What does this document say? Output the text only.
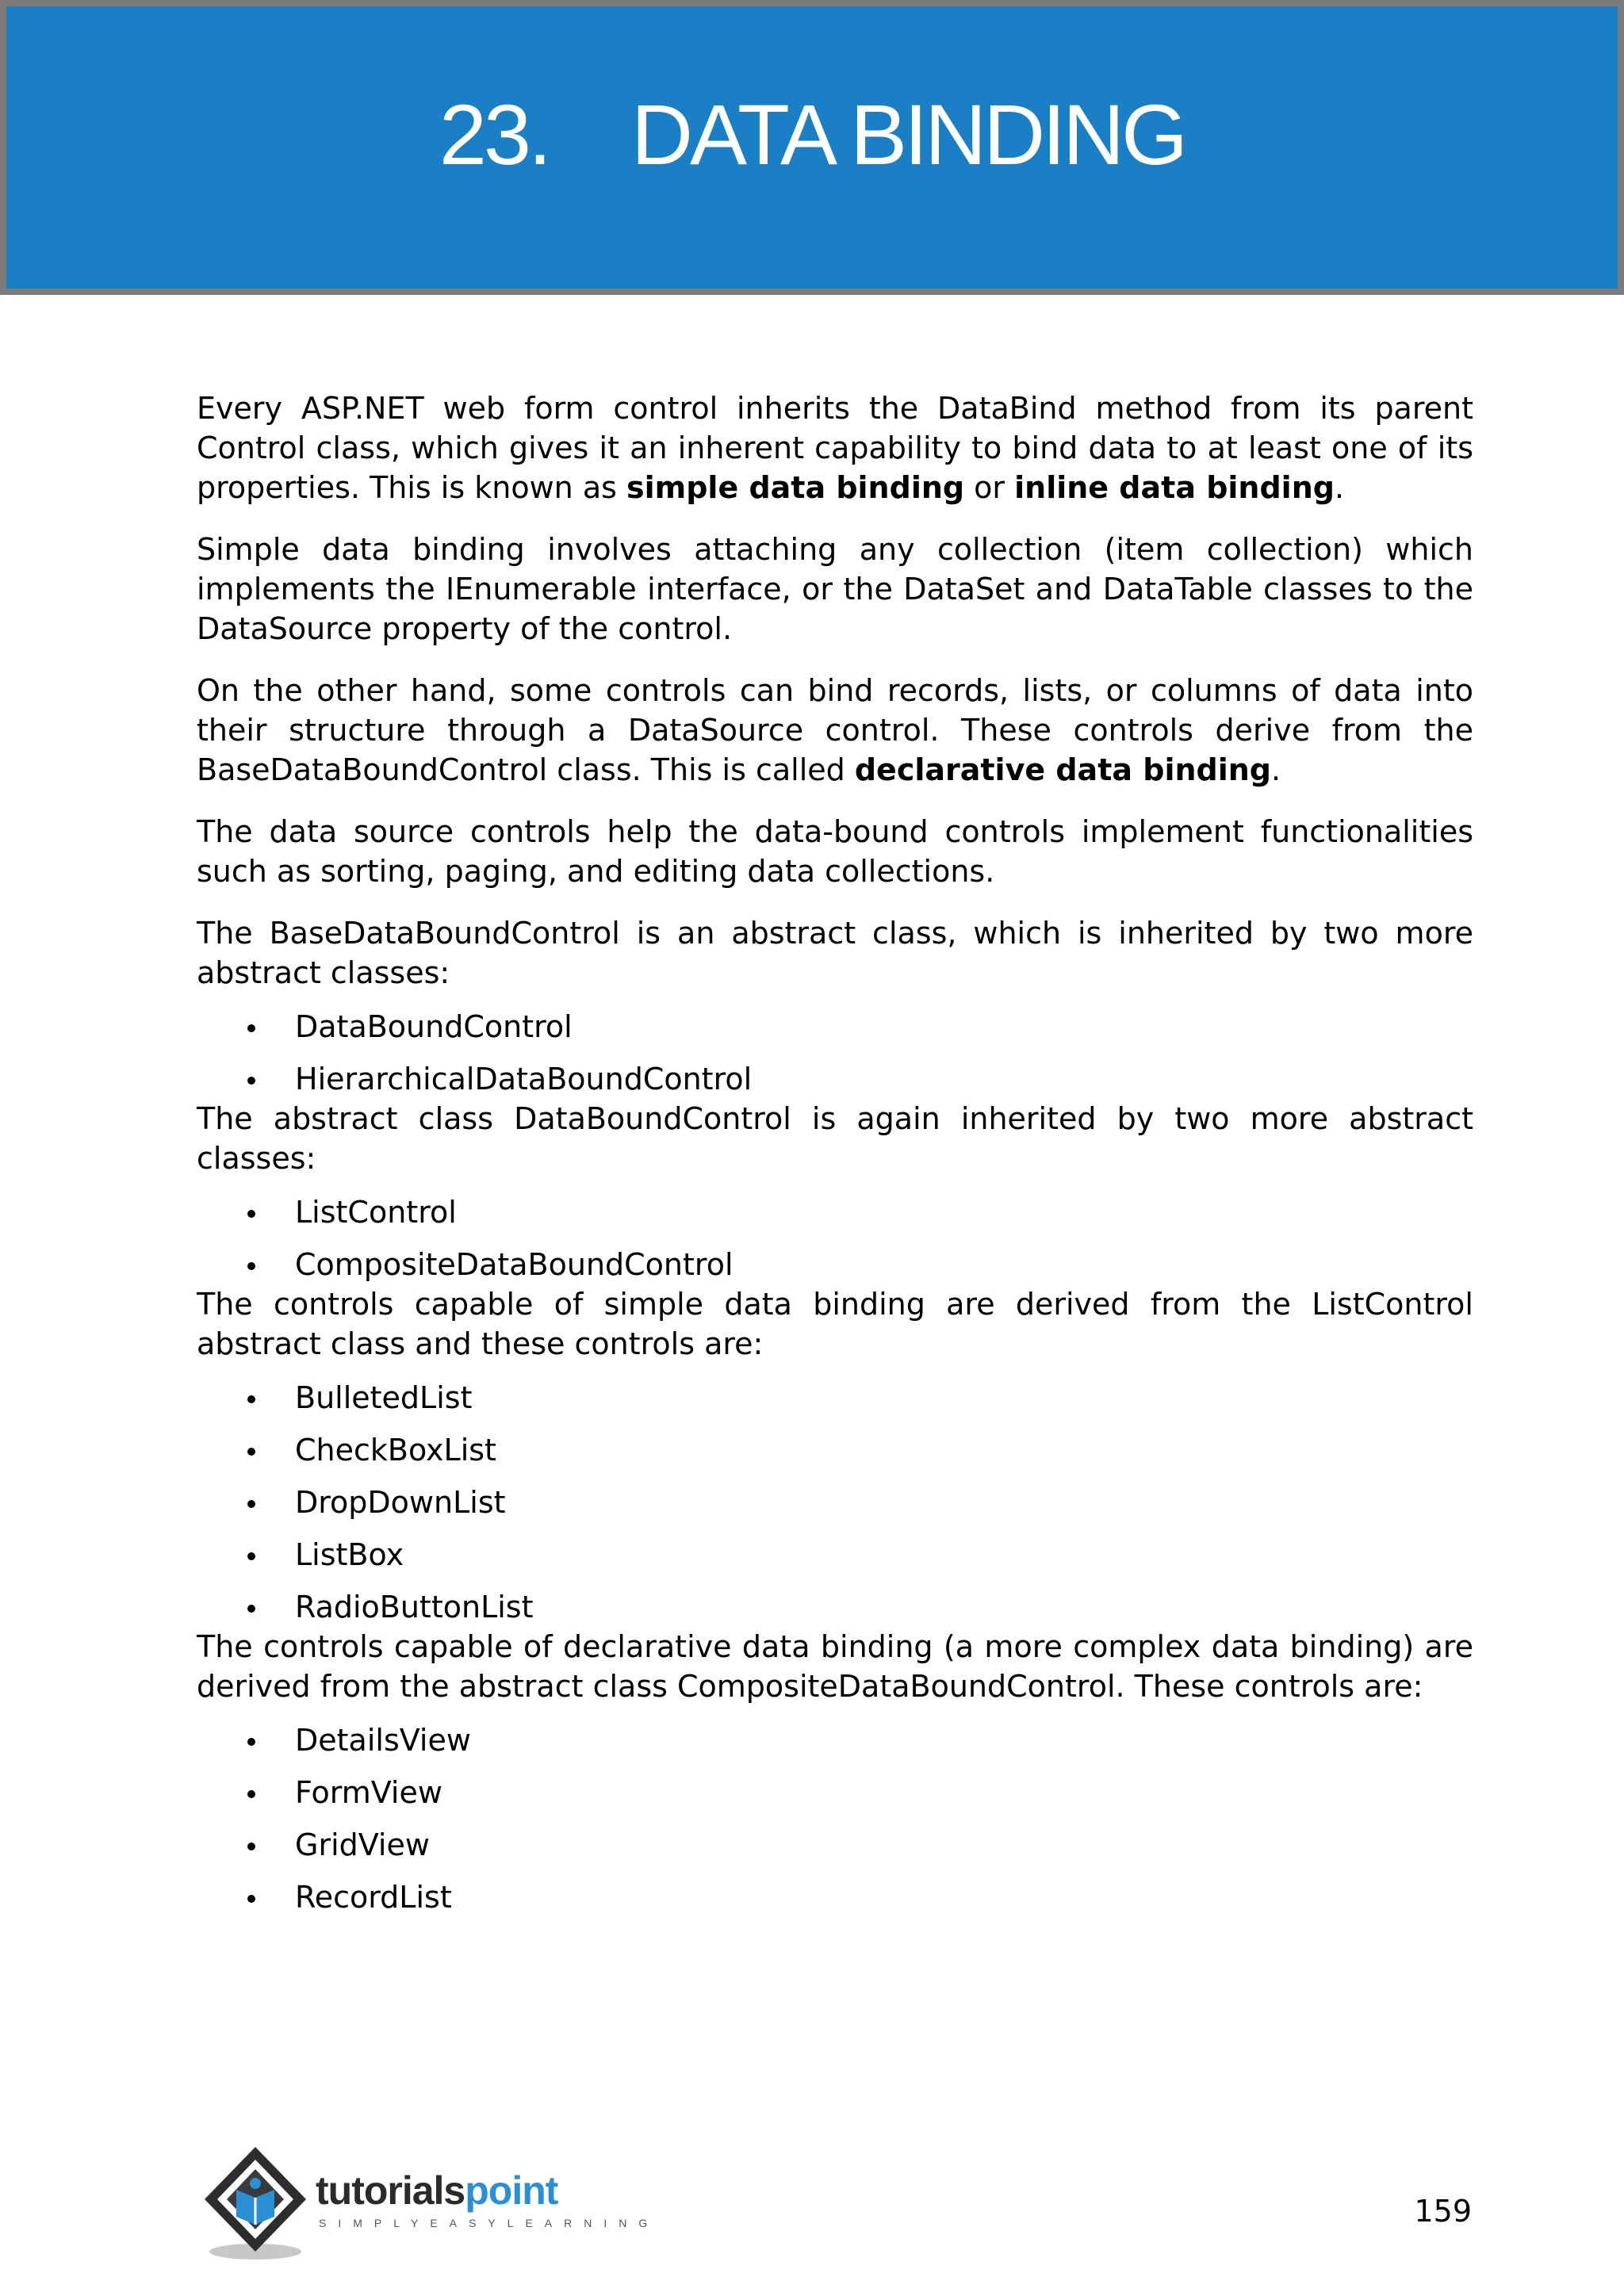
23.    DATA BINDING

Every ASP.NET web form control inherits the DataBind method from its parent Control class, which gives it an inherent capability to bind data to at least one of its properties. This is known as simple data binding or inline data binding.

Simple data binding involves attaching any collection (item collection) which implements the IEnumerable interface, or the DataSet and DataTable classes to the DataSource property of the control.

On the other hand, some controls can bind records, lists, or columns of data into their structure through a DataSource control. These controls derive from the BaseDataBoundControl class. This is called declarative data binding.

The data source controls help the data-bound controls implement functionalities such as sorting, paging, and editing data collections.

The BaseDataBoundControl is an abstract class, which is inherited by two more abstract classes:

DataBoundControl
HierarchicalDataBoundControl

The abstract class DataBoundControl is again inherited by two more abstract classes:

ListControl
CompositeDataBoundControl

The controls capable of simple data binding are derived from the ListControl abstract class and these controls are:

BulletedList
CheckBoxList
DropDownList
ListBox
RadioButtonList

The controls capable of declarative data binding (a more complex data binding) are derived from the abstract class CompositeDataBoundControl. These controls are:

DetailsView
FormView
GridView
RecordList
tutorialspoint
SIMPLYEASYLEARNING	159
